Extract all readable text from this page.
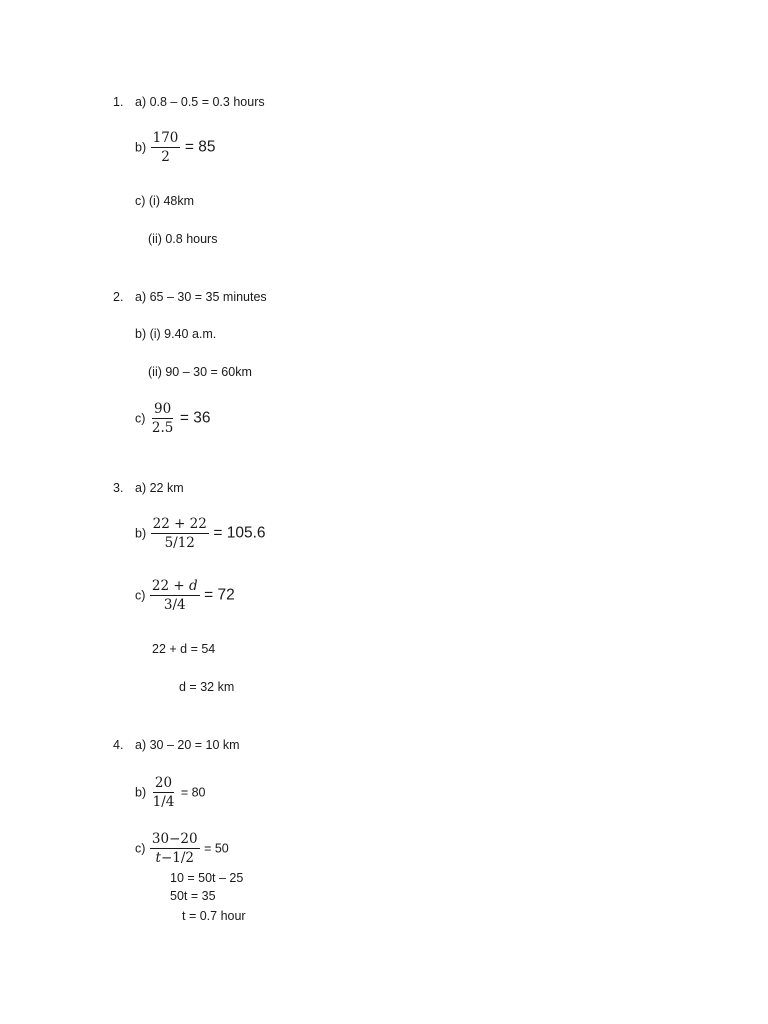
1. a) 0.8 – 0.5 = 0.3 hours
$b) \frac{170}{2} = 85$
c) (i) 48km
(ii) 0.8 hours
2. a) 65 – 30 = 35 minutes
b) (i) 9.40 a.m.
(ii) 90 – 30 = 60km
$c) \frac{90}{2.5} = 36$
3. a) 22 km
$b) \frac{22 + 22}{5/12} = 105.6$
$c) \frac{22 + d}{3/4} = 72$
22 + d = 54
d = 32 km
4. a) 30 – 20 = 10 km
$b) \frac{20}{1/4} = 80$
$c) \frac{30-20}{t-1/2} = 50$
10 = 50t – 25
50t = 35
t = 0.7 hour
